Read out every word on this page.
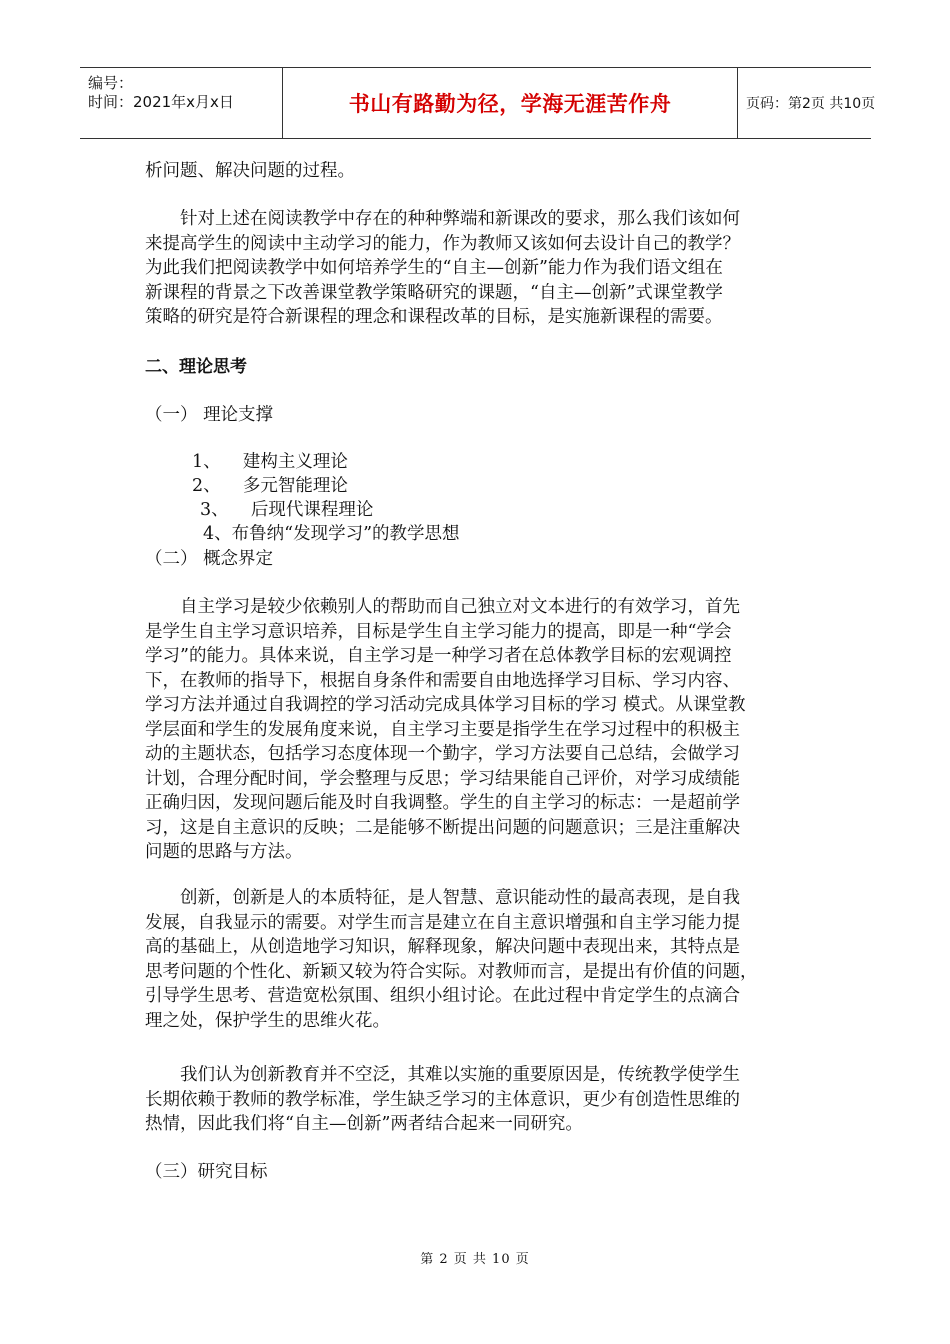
编号：
时间：2021年x月x日	书山有路勤为径，学海无涯苦作舟	页码：第2页 共10页
析问题、解决问题的过程。
　　针对上述在阅读教学中存在的种种弊端和新课改的要求，那么我们该如何
来提高学生的阅读中主动学习的能力，作为教师又该如何去设计自己的教学？
为此我们把阅读教学中如何培养学生的“自主—创新”能力作为我们语文组在
新课程的背景之下改善课堂教学策略研究的课题，“自主—创新”式课堂教学
策略的研究是符合新课程的理念和课程改革的目标，是实施新课程的需要。
二、理论思考
（一） 理论支撑
1、    建构主义理论
2、    多元智能理论
3、    后现代课程理论
4、布鲁纳“发现学习”的教学思想
（二） 概念界定
　　自主学习是较少依赖别人的帮助而自己独立对文本进行的有效学习，首先
是学生自主学习意识培养，目标是学生自主学习能力的提高，即是一种“学会
学习”的能力。具体来说，自主学习是一种学习者在总体教学目标的宏观调控
下，在教师的指导下，根据自身条件和需要自由地选择学习目标、学习内容、
学习方法并通过自我调控的学习活动完成具体学习目标的学习 模式。从课堂教
学层面和学生的发展角度来说，自主学习主要是指学生在学习过程中的积极主
动的主题状态，包括学习态度体现一个勤字，学习方法要自己总结，会做学习
计划，合理分配时间，学会整理与反思；学习结果能自己评价，对学习成绩能
正确归因，发现问题后能及时自我调整。学生的自主学习的标志：一是超前学
习，这是自主意识的反映；二是能够不断提出问题的问题意识；三是注重解决
问题的思路与方法。
　　创新，创新是人的本质特征，是人智慧、意识能动性的最高表现，是自我
发展，自我显示的需要。对学生而言是建立在自主意识增强和自主学习能力提
高的基础上，从创造地学习知识，解释现象，解决问题中表现出来，其特点是
思考问题的个性化、新颖又较为符合实际。对教师而言，是提出有价值的问题，
引导学生思考、营造宽松氛围、组织小组讨论。在此过程中肯定学生的点滴合
理之处，保护学生的思维火花。
　　我们认为创新教育并不空泛，其难以实施的重要原因是，传统教学使学生
长期依赖于教师的教学标准，学生缺乏学习的主体意识，更少有创造性思维的
热情，因此我们将“自主—创新”两者结合起来一同研究。
（三）研究目标
第 2 页 共 10 页
